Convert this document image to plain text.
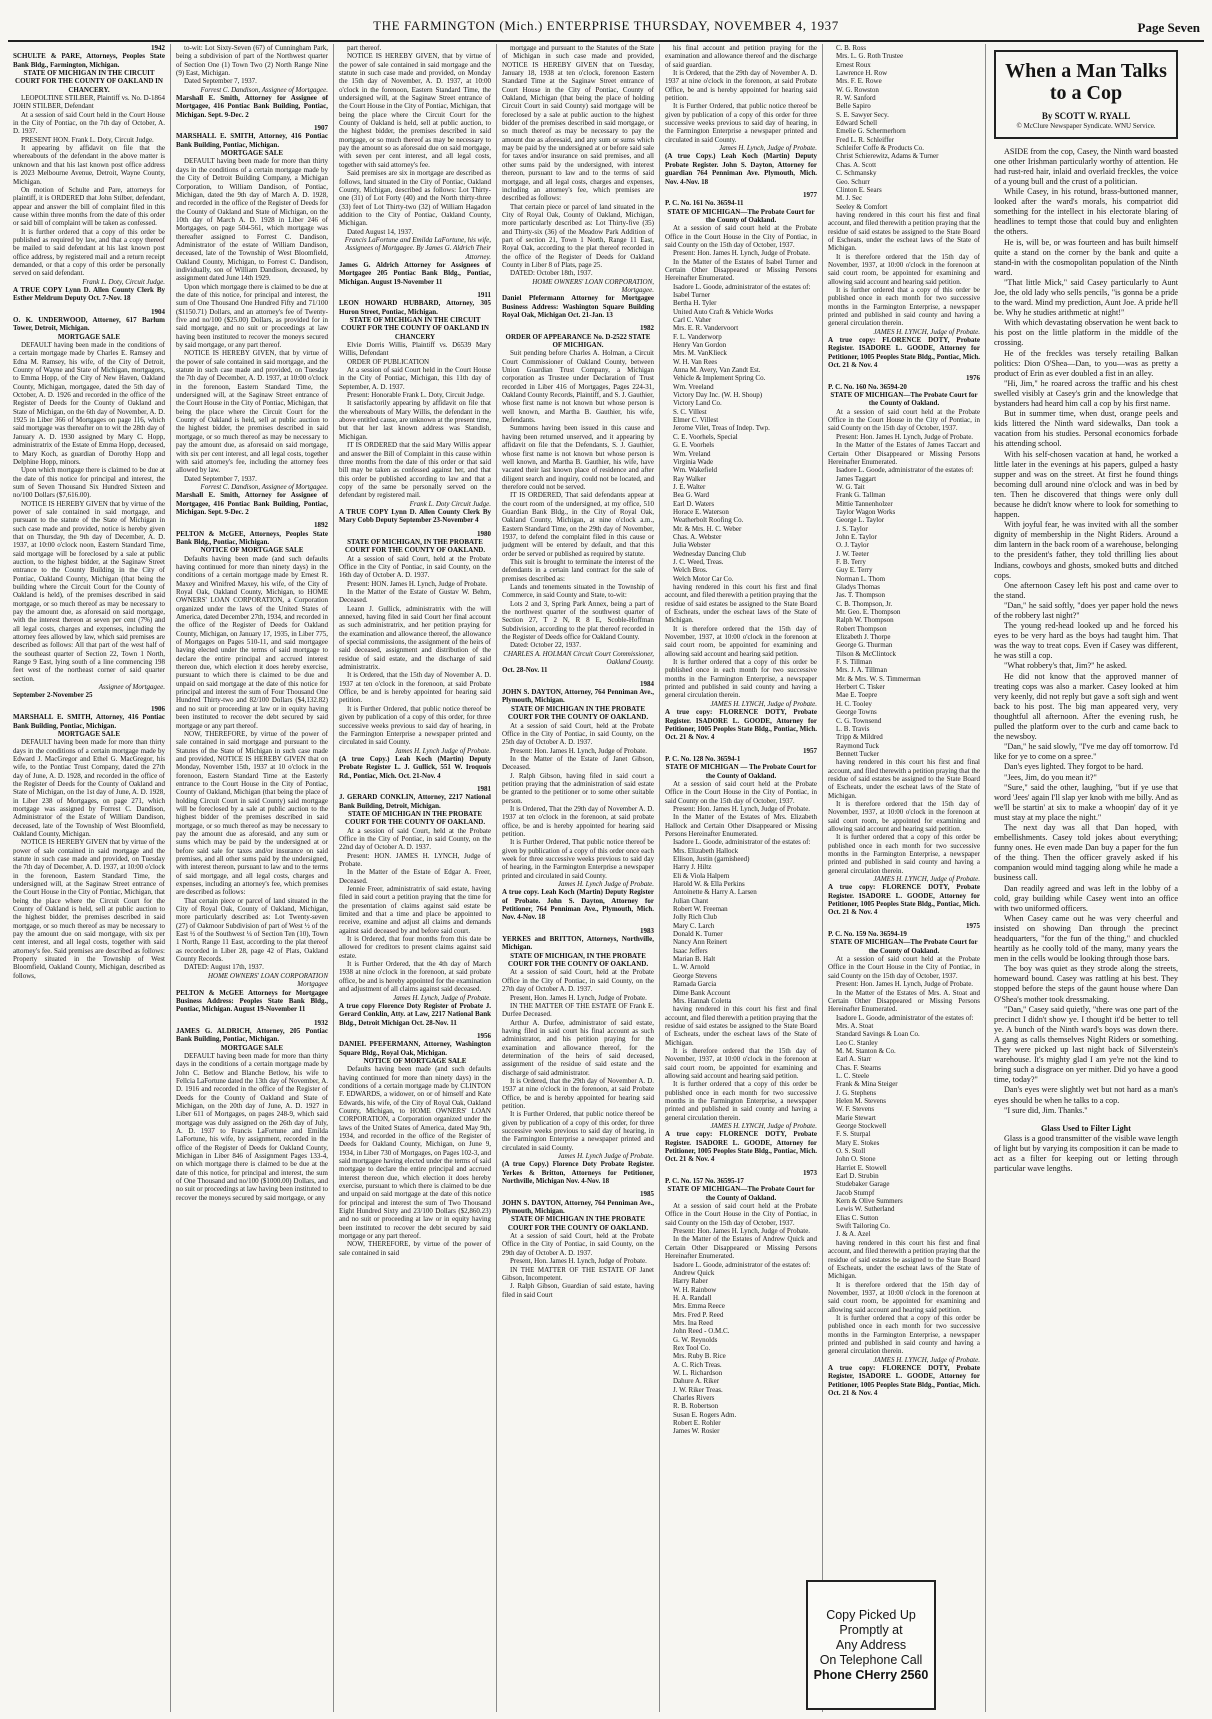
THE FARMINGTON (Mich.) ENTERPRISE THURSDAY, NOVEMBER 4, 1937	Page Seven
1942
SCHULTE & PARE, Attorneys, Peoples State Bank Bldg., Farmington, Michigan.
STATE OF MICHIGAN IN THE CIRCUIT COURT FOR THE COUNTY OF OAKLAND IN CHANCERY.

LEOPOLTINE STILBER, Plaintiff vs. No. D-1864 JOHN STILBER, Defendant

At a session of said Court held in the Court House in the City of Pontiac, on the 7th day of October, A. D. 1937.

PRESENT HON. Frank L. Doty, Circuit Judge.

It appearing by affidavit on file that the whereabouts of the defendant in the above matter is unknown and that his last known post office address is 2023 Melbourne Avenue, Detroit, Wayne County, Michigan.

On motion of Schulte and Pare, attorneys for plaintiff, it is ORDERED that John Stilber, defendant, appear and answer the bill of complaint filed in this cause within three months from the date of this order or said bill of complaint will be taken as confessed.

It is further ordered that a copy of this order be published as required by law, and that a copy thereof be mailed to said defendant at his last known post office address, by registered mail and a return receipt demanded, or that a copy of this order be personally served on said defendant.

Frank L. Doty, Circuit Judge.
A TRUE COPY Lynn D. Allen County Clerk By Esther Meldrum Deputy Oct. 7-Nov. 18
1904
O. K. UNDERWOOD, Attorney, 617 Barlum Tower, Detroit, Michigan.
MORTGAGE SALE

DEFAULT having been made in the conditions of a certain mortgage made by Charles E. Ramsey and Edna M. Ramsey, his wife, of the City of Detroit, County of Wayne and State of Michigan, mortgagors, to Emma Hopp, of the City of New Haven, Oakland County, Michigan, mortgagee, dated the 5th day of October, A. D. 1926 and recorded in the office of the Register of Deeds for the County of Oakland and State of Michigan, on the 6th day of November, A. D. 1925 in Liber 366 of Mortgages on page 116, which said mortgage was thereafter on to wit the 28th day of January A. D. 1930 assigned by Mary C. Hopp, administratrix of the Estate of Emma Hopp, deceased, to Mary Koch, as guardian of Dorothy Hopp and Delphine Hopp, minors.

Upon which mortgage there is claimed to be due at the date of this notice for principal and interest, the sum of Seven Thousand Six Hundred Sixteen and no/100 Dollars ($7,616.00).

NOTICE IS HEREBY GIVEN that by virtue of the power of sale contained in said mortgage, and pursuant to the statute of the State of Michigan in such case made and provided, notice is hereby given that on Thursday, the 9th day of December, A. D. 1937, at 10:00 o'clock noon, Eastern Standard Time, said mortgage will be foreclosed by a sale at public auction, to the highest bidder, at the Saginaw Street entrance to the County Building in the City of Pontiac, Oakland County, Michigan (that being the building where the Circuit Court for the County of Oakland is held), of the premises described in said mortgage, or so much thereof as may be necessary to pay the amount due, as aforesaid on said mortgage, with the interest thereon at seven per cent (7%) and all legal costs, charges and expenses, including the attorney fees allowed by law, which said premises are described as follows: All that part of the west half of the southeast quarter of Section 22, Town 1 North, Range 9 East, lying south of a line commencing 198 feet west of the northeast corner of said quarter section.

Assignee of Mortgagee.
September 2-November 25
1906
MARSHALL E. SMITH, Attorney, 416 Pontiac Bank Building, Pontiac, Michigan.
MORTGAGE SALE

DEFAULT having been made for more than thirty days in the conditions of a certain mortgage made by Edward J. MacGregor and Ethel G. MacGregor, his wife, to the Pontiac Trust Company, dated the 27th day of June, A. D. 1928, and recorded in the office of the Register of Deeds for the County of Oakland and State of Michigan, on the 1st day of June, A. D. 1928, in Liber 238 of Mortgages, on page 271, which mortgage was assigned by Forrest C. Dandison, Administrator of the Estate of William Dandison, deceased, late of the Township of West Bloomfield, Oakland County, Michigan.

NOTICE IS HEREBY GIVEN that by virtue of the power of sale contained in said mortgage and the statute in such case made and provided, on Tuesday the 7th day of December, A. D. 1937, at 10:00 o'clock in the forenoon, Eastern Standard Time, the undersigned will, at the Saginaw Street entrance of the Court House in the City of Pontiac, Michigan, that being the place where the Circuit Court for the County of Oakland is held, sell at public auction to the highest bidder, the premises described in said mortgage, or so much thereof as may be necessary to pay the amount due on said mortgage, with six per cent interest, and all legal costs, together with said attorney's fee. Said premises are described as follows: Property situated in the Township of West Bloomfield, Oakland County, Michigan, described as follows,

to-wit: Lot Sixty-Seven (67) of Cunningham Park, being a subdivision of part of the Northwest quarter of Section One (1) Town Two (2) North Range Nine (9) East, Michigan.

Dated September 7, 1937.

Forrest C. Dandison, Assignee of Mortgagee.
Marshall E. Smith, Attorney for Assignee of Mortgagee, 416 Pontiac Bank Building, Pontiac, Michigan. Sept. 9-Dec. 2
1907
MARSHALL E. SMITH, Attorney, 416 Pontiac Bank Building, Pontiac, Michigan.
MORTGAGE SALE

DEFAULT having been made for more than thirty days in the conditions of a certain mortgage made by the City of Detroit Building Company, a Michigan Corporation, to William Dandison, of Pontiac, Michigan, dated the 9th day of March A. D. 1928, and recorded in the office of the Register of Deeds for the County of Oakland and State of Michigan, on the 10th day of March A. D. 1928 in Liber 246 of Mortgages, on page 504-561, which mortgage was thereafter assigned to Forrest C. Dandison, Administrator of the estate of William Dandison, deceased, late of the Township of West Bloomfield, Oakland County, Michigan, to Forrest C. Dandison, individually, son of William Dandison, deceased, by assignment dated June 14th 1929.

Upon which mortgage there is claimed to be due at the date of this notice, for principal and interest, the sum of One Thousand One Hundred Fifty and 71/100 ($1150.71) Dollars, and an attorney's fee of Twenty-five and no/100 ($25.00) Dollars, as provided for in said mortgage, and no suit or proceedings at law having been instituted to recover the moneys secured by said mortgage, or any part thereof.

NOTICE IS HEREBY GIVEN, that by virtue of the power of sale contained in said mortgage, and the statute in such case made and provided, on Tuesday the 7th day of December, A. D. 1937, at 10:00 o'clock in the forenoon, Eastern Standard Time, the undersigned will, at the Saginaw Street entrance of the Court House in the City of Pontiac, Michigan, that being the place where the Circuit Court for the County of Oakland is held, sell at public auction to the highest bidder, the premises described in said mortgage, or so much thereof as may be necessary to pay the amount due, as aforesaid on said mortgage, with six per cent interest, and all legal costs, together with said attorney's fee, including the attorney fees allowed by law.

Dated September 7, 1937.

Forrest C. Dandison, Assignee of Mortgagee.
Marshall E. Smith, Attorney for Assignee of Mortgagee, 416 Pontiac Bank Building, Pontiac, Michigan. Sept. 9-Dec. 2
1892
PELTON & McGEE, Attorneys, Peoples State Bank Bldg., Pontiac, Michigan.
NOTICE OF MORTGAGE SALE

Defaults having been made (and such defaults having continued for more than ninety days) in the conditions of a certain mortgage made by Ernest R. Maxey and Winifred Maxey, his wife, of the City of Royal Oak, Oakland County, Michigan, to HOME OWNERS' LOAN CORPORATION, a Corporation organized under the laws of the United States of America, dated December 27th, 1934, and recorded in the office of the Register of Deeds for Oakland County, Michigan, on January 17, 1935, in Liber 775, of Mortgages on Pages 510-11, and said mortgagee having elected under the terms of said mortgage to declare the entire principal and accrued interest thereon due, which election it does hereby exercise, pursuant to which there is claimed to be due and unpaid on said mortgage at the date of this notice for principal and interest the sum of Four Thousand One Hundred Thirty-two and 82/100 Dollars ($4,132.82) and no suit or proceeding at law or in equity having been instituted to recover the debt secured by said mortgage or any part thereof.

NOW, THEREFORE, by virtue of the power of sale contained in said mortgage and pursuant to the Statutes of the State of Michigan in such case made and provided, NOTICE IS HEREBY GIVEN that on Monday, November 15th, 1937 at 10 o'clock in the forenoon, Eastern Standard Time at the Easterly entrance to the Court House in the City of Pontiac, County of Oakland, Michigan (that being the place of holding Circuit Court in said County) said mortgage will be foreclosed by a sale at public auction to the highest bidder of the premises described in said mortgage, or so much thereof as may be necessary to pay the amount due as aforesaid, and any sum or sums which may be paid by the undersigned at or before said sale for taxes and/or insurance on said premises, and all other sums paid by the undersigned, with interest thereon, pursuant to law and to the terms of said mortgage, and all legal costs, charges and expenses, including an attorney's fee, which premises are described as follows:

That certain piece or parcel of land situated in the City of Royal Oak, County of Oakland, Michigan, more particularly described as: Lot Twenty-seven (27) of Oakmoor Subdivision of part of West ½ of the East ½ of the Southwest ¼ of Section Ten (10), Town 1 North, Range 11 East, according to the plat thereof as recorded in Liber 28, page 42 of Plats, Oakland County Records.

DATED: August 17th, 1937.

HOME OWNERS' LOAN CORPORATION Mortgagee
PELTON & McGEE Attorneys for Mortgagee Business Address: Peoples State Bank Bldg., Pontiac, Michigan. August 19-November 11
1932
JAMES G. ALDRICH, Attorney, 205 Pontiac Bank Building, Pontiac, Michigan.
MORTGAGE SALE

DEFAULT having been made for more than thirty days in the conditions of a certain mortgage made by John C. Betlow and Blanche Betlow, his wife to Fellcia LaFortune dated the 13th day of November, A. D. 1916 and recorded in the office of the Register of Deeds for the County of Oakland and State of Michigan, on the 20th day of June, A. D. 1927 in Liber 611 of Mortgages, on pages 248-9, which said mortgage was duly assigned on the 26th day of July, A. D. 1937 to Francis LaFortune and Emilda LaFortune, his wife, by assignment, recorded in the office of the Register of Deeds for Oakland County, Michigan in Liber 846 of Assignment Pages 133-4, on which mortgage there is claimed to be due at the date of this notice, for principal and interest, the sum of One Thousand and no/100 ($1000.00) Dollars, and no suit or proceedings at law having been instituted to recover the moneys secured by said mortgage, or any

part thereof.

NOTICE IS HEREBY GIVEN, that by virtue of the power of sale contained in said mortgage and the statute in such case made and provided, on Monday the 15th day of November, A. D. 1937, at 10:00 o'clock in the forenoon, Eastern Standard Time, the undersigned will, at the Saginaw Street entrance of the Court House in the City of Pontiac, Michigan, that being the place where the Circuit Court for the County of Oakland is held, sell at public auction, to the highest bidder, the premises described in said mortgage, or so much thereof as may be necessary to pay the amount so as aforesaid due on said mortgage, with seven per cent interest, and all legal costs, together with said attorney's fee.

Said premises are six in mortgage are described as follows, land situated in the City of Pontiac, Oakland County, Michigan, described as follows: Lot Thirty-one (31) of Lot Forty (40) and the North thirty-three (33) feet of Lot Thirty-two (32) of William Hagadon addition to the City of Pontiac, Oakland County, Michigan.

Dated August 14, 1937.

Francis LaFortune and Emilda LaFortune, his wife, Assignees of Mortgagee. By James G. Aldrich Their Attorney.
James G. Aldrich Attorney for Assignees of Mortgagee 205 Pontiac Bank Bldg., Pontiac, Michigan. August 19-November 11
1911
LEON HOWARD HUBBARD, Attorney, 305 Huron Street, Pontiac, Michigan.
STATE OF MICHIGAN IN THE CIRCUIT COURT FOR THE COUNTY OF OAKLAND IN CHANCERY

Elvie Dorris Willis, Plaintiff vs. D6539 Mary Willis, Defendant

ORDER OF PUBLICATION

At a session of said Court held in the Court House in the City of Pontiac, Michigan, this 11th day of September, A. D. 1937.

Present: Honorable Frank L. Doty, Circuit Judge.

It satisfactorily appearing by affidavit on file that the whereabouts of Mary Willis, the defendant in the above entitled cause, are unknown at the present time, but that her last known address was Standish, Michigan.

IT IS ORDERED that the said Mary Willis appear and answer the Bill of Complaint in this cause within three months from the date of this order or that said bill may be taken as confessed against her, and that this order be published according to law and that a copy of the same be personally served on the defendant by registered mail.

Frank L. Doty Circuit Judge.
A TRUE COPY Lynn D. Allen County Clerk By Mary Cobb Deputy September 23-November 4
1980
STATE OF MICHIGAN, IN THE PROBATE COURT FOR THE COUNTY OF OAKLAND.

At a session of said Court, held at the Probate Office in the City of Pontiac, in said County, on the 16th day of October A. D. 1937.

Present: HON. James H. Lynch, Judge of Probate.

In the Matter of the Estate of Gustav W. Behm, Deceased.

Leann J. Gullick, administratrix with the will annexed, having filed in said Court her final account as such administratrix, and her petition praying for the examination and allowance thereof, the allowance of special commissions, the assignment of the heirs of said deceased, assignment and distribution of the residue of said estate, and the discharge of said administratrix.

It is Ordered, that the 15th day of November A. D. 1937 at ten o'clock in the forenoon, at said Probate Office, be and is hereby appointed for hearing said petition.

It is Further Ordered, that public notice thereof be given by publication of a copy of this order, for three successive weeks previous to said day of hearing, in the Farmington Enterprise a newspaper printed and circulated in said County.

James H. Lynch Judge of Probate.
(A true Copy.) Leah Koch (Martin) Deputy Probate Register L. J. Gullick, 551 W. Iroquois Rd., Pontiac, Mich. Oct. 21-Nov. 4
1981
J. GERARD CONKLIN, Attorney, 2217 National Bank Building, Detroit, Michigan.
STATE OF MICHIGAN IN THE PROBATE COURT FOR THE COUNTY OF OAKLAND.

At a session of said Court, held at the Probate Office in the City of Pontiac, in said County, on the 22nd day of October A. D. 1937.

Present: HON. JAMES H. LYNCH, Judge of Probate.

In the Matter of the Estate of Edgar A. Freer, Deceased.

Jennie Freer, administratrix of said estate, having filed in said court a petition praying that the time for the presentation of claims against said estate be limited and that a time and place be appointed to receive, examine and adjust all claims and demands against said deceased by and before said court.

It is Ordered, that four months from this date be allowed for creditors to present claims against said estate.

It is Further Ordered, that the 4th day of March 1938 at nine o'clock in the forenoon, at said probate office, be and is hereby appointed for the examination and adjustment of all claims against said deceased.

James H. Lynch, Judge of Probate.
A true copy Florence Doty Register of Probate J. Gerard Conklin, Atty. at Law, 2217 National Bank Bldg., Detroit Michigan Oct. 28-Nov. 11
1956
DANIEL PFEFERMANN, Attorney, Washington Square Bldg., Royal Oak, Michigan.
NOTICE OF MORTGAGE SALE

Defaults having been made (and such defaults having continued for more than ninety days) in the conditions of a certain mortgage made by CLINTON F. EDWARDS, a widower, on or of himself and Kate Edwards, his wife, of the City of Royal Oak, Oakland County, Michigan, to HOME OWNERS' LOAN CORPORATION, a Corporation organized under the laws of the United States of America, dated May 9th, 1934, and recorded in the office of the Register of Deeds for Oakland County, Michigan, on June 9, 1934, in Liber 730 of Mortgages, on Pages 102-3, and said mortgagee having elected under the terms of said mortgage to declare the entire principal and accrued interest thereon due, which election it does hereby exercise, pursuant to which there is claimed to be due and unpaid on said mortgage at the date of this notice for principal and interest the sum of Two Thousand Eight Hundred Sixty and 23/100 Dollars ($2,860.23) and no suit or proceeding at law or in equity having been instituted to recover the debt secured by said mortgage or any part thereof.

NOW, THEREFORE, by virtue of the power of sale contained in said

mortgage and pursuant to the Statutes of the State of Michigan in such case made and provided, NOTICE IS HEREBY GIVEN that on Tuesday, January 18, 1938 at ten o'clock, forenoon Eastern Standard Time at the Saginaw Street entrance of Court House in the City of Pontiac, County of Oakland, Michigan (that being the place of holding Circuit Court in said County) said mortgage will be foreclosed by a sale at public auction to the highest bidder of the premises described in said mortgage, or so much thereof as may be necessary to pay the amount due as aforesaid, and any sum or sums which may be paid by the undersigned at or before said sale for taxes and/or insurance on said premises, and all other sums paid by the undersigned, with interest thereon, pursuant to law and to the terms of said mortgage, and all legal costs, charges and expenses, including an attorney's fee, which premises are described as follows:

That certain piece or parcel of land situated in the City of Royal Oak, County of Oakland, Michigan, more particularly described as: Lot Thirty-five (35) and Thirty-six (36) of the Meadow Park Addition of part of section 21, Town 1 North, Range 11 East, Royal Oak, according to the plat thereof recorded in the office of the Register of Deeds for Oakland County in Liber 8 of Plats, page 25.

DATED: October 18th, 1937.

HOME OWNERS' LOAN CORPORATION, Mortgagee.
Daniel Pfefermann Attorney for Mortgagee Business Address: Washington Square Building Royal Oak, Michigan Oct. 21-Jan. 13
1982
ORDER OF APPEARANCE No. D-2522 STATE OF MICHIGAN.

Suit pending before Charles A. Holman, a Circuit Court Commissioner of Oakland County, between Union Guardian Trust Company, a Michigan corporation as Trustee under Declaration of Trust recorded in Liber 416 of Mortgages, Pages 224-31, Oakland County Records, Plaintiff, and S. J. Gauthier, whose first name is not known but whose person is well known, and Martha B. Gauthier, his wife, Defendants.

Summons having been issued in this cause and having been returned unserved, and it appearing by affidavit on file that the Defendants, S. J. Gauthier, whose first name is not known but whose person is well known, and Martha B. Gauthier, his wife, have vacated their last known place of residence and after diligent search and inquiry, could not be located, and therefore could not be served.

IT IS ORDERED, That said defendants appear at the court room of the undersigned, at my office, 510 Guardian Bank Bldg., in the City of Royal Oak, Oakland County, Michigan, at nine o'clock a.m., Eastern Standard Time, on the 29th day of November, 1937, to defend the complaint filed in this cause or judgment will be entered by default, and that this order be served or published as required by statute.

This suit is brought to terminate the interest of the defendants in a certain land contract for the sale of premises described as:

Lands and tenements situated in the Township of Commerce, in said County and State, to-wit:

Lots 2 and 3, Spring Park Annex, being a part of the northwest quarter of the southwest quarter of Section 27, T 2 N, R 8 E, Scoble-Hoffman Subdivision, according to the plat thereof recorded in the Register of Deeds office for Oakland County.

Dated: October 22, 1937.

CHARLES A. HOLMAN Circuit Court Commissioner, Oakland County.
Oct. 28-Nov. 11
1984
JOHN S. DAYTON, Attorney, 764 Penniman Ave., Plymouth, Michigan.
STATE OF MICHIGAN IN THE PROBATE COURT FOR THE COUNTY OF OAKLAND.

At a session of said Court, held at the Probate Office in the City of Pontiac, in said County, on the 25th day of October A. D. 1937.

Present: Hon. James H. Lynch, Judge of Probate.

In the Matter of the Estate of Janet Gibson, Deceased.

J. Ralph Gibson, having filed in said court a petition praying that the administration of said estate be granted to the petitioner or to some other suitable person.

It is Ordered, That the 29th day of November A. D. 1937 at ten o'clock in the forenoon, at said probate office, be and is hereby appointed for hearing said petition.

It is Further Ordered, That public notice thereof be given by publication of a copy of this order once each week for three successive weeks previous to said day of hearing, in the Farmington Enterprise a newspaper printed and circulated in said County.

James H. Lynch Judge of Probate.
A true copy. Leah Koch (Martin) Deputy Register of Probate. John S. Dayton, Attorney for Petitioner, 764 Penniman Ave., Plymouth, Mich. Nov. 4-Nov. 18
1983
YERKES and BRITTON, Attorneys, Northville, Michigan.
STATE OF MICHIGAN, IN THE PROBATE COURT FOR THE COUNTY OF OAKLAND.

At a session of said Court, held at the Probate Office in the City of Pontiac, in said County, on the 27th day of October A. D. 1937.

Present, Hon. James H. Lynch, Judge of Probate.

IN THE MATTER OF THE ESTATE OF Frank E. Durfee Deceased.

Arthur A. Durfee, administrator of said estate, having filed in said court his final account as such administrator, and his petition praying for the examination and allowance thereof, for the determination of the heirs of said deceased, assignment of the residue of said estate and the discharge of said administrator.

It is Ordered, that the 29th day of November A. D. 1937 at nine o'clock in the forenoon, at said Probate Office, be and is hereby appointed for hearing said petition.

It is Further Ordered, that public notice thereof be given by publication of a copy of this order, for three successive weeks previous to said day of hearing, in the Farmington Enterprise a newspaper printed and circulated in said County.

James H. Lynch Judge of Probate.
(A true Copy.) Florence Doty Probate Register. Yerkes & Britton, Attorneys for Petitioner, Northville, Michigan Nov. 4-Nov. 18
1985
JOHN S. DAYTON, Attorney, 764 Penniman Ave., Plymouth, Michigan.
STATE OF MICHIGAN IN THE PROBATE COURT FOR THE COUNTY OF OAKLAND.

At a session of said Court, held at the Probate Office in the City of Pontiac, in said County, on the 29th day of October A. D. 1937.

Present, Hon. James H. Lynch, Judge of Probate.

IN THE MATTER OF THE ESTATE OF Janet Gibson, Incompetent.

J. Ralph Gibson, Guardian of said estate, having filed in said Court

his final account and petition praying for the examination and allowance thereof and the discharge of said guardian.

It is Ordered, that the 29th day of November A. D. 1937 at nine o'clock in the forenoon, at said Probate Office, be and is hereby appointed for hearing said petition.

It is Further Ordered, that public notice thereof be given by publication of a copy of this order for three successive weeks previous to said day of hearing, in the Farmington Enterprise a newspaper printed and circulated in said County.

James H. Lynch, Judge of Probate.
(A true Copy.) Leah Koch (Martin) Deputy Probate Register. John S. Dayton, Attorney for guardian 764 Penniman Ave. Plymouth, Mich. Nov. 4-Nov. 18
1977
P. C. No. 161 No. 36594-11
STATE OF MICHIGAN—The Probate Court for the County of Oakland.

At a session of said court held at the Probate Office in the Court House in the City of Pontiac, in said County on the 15th day of October, 1937.

Present: Hon. James H. Lynch, Judge of Probate.

In the Matter of the Estates of Isabel Turner and Certain Other Disappeared or Missing Persons Hereinafter Enumerated.

Isadore L. Goode, administrator of the estates of:

Isabel Turner

Bertha H. Tyler

United Auto Craft & Vehicle Works

Carl C. Vaher

Mrs. E. R. Vandervoort

F. L. Vanderworp

Henry Van Gordon

Mrs. M. VanKlieck

W. H. Van Rees

Anna M. Avery, Van Zandt Est.

Vehicle & Implement Spring Co.

Wm. Vreeland

Victory Day Inc. (W. H. Shoup)

Victory Land Co.

S. C. Villest

Elmer C. Villest

Jerome Vilet, Treas of Indep. Twp.

C. E. Voorhels, Special

G. E. Voorhels

Wm. Vreland

Virginia Wade

Wm. Wakefield

Ray Walker

J. E. Walter

Bea G. Ward

Earl D. Waters

Horace E. Waterson

Weatherbolt Roofing Co.

Mr. & Mrs. H. C. Weber

Chas. A. Webster

Julia Webster

Wednesday Dancing Club

J. C. Weed, Treas.

Welch Bros.

Welch Motor Car Co.

having rendered in this court his first and final account, and filed therewith a petition praying that the residue of said estates be assigned to the State Board of Escheats, under the escheat laws of the State of Michigan.

It is therefore ordered that the 15th day of November, 1937, at 10:00 o'clock in the forenoon at said court room, be appointed for examining and allowing said account and hearing said petition.

It is further ordered that a copy of this order be published once in each month for two successive months in the Farmington Enterprise, a newspaper printed and published in said county and having a general circulation therein.

JAMES H. LYNCH, Judge of Probate.
A true copy: FLORENCE DOTY, Probate Register. ISADORE L. GOODE, Attorney for Petitioner, 1005 Peoples State Bldg., Pontiac, Mich. Oct. 21 & Nov. 4
1957
P. C. No. 128 No. 36594-1
STATE OF MICHIGAN — The Probate Court for the County of Oakland.

At a session of said court held at the Probate Office in the Court House in the City of Pontiac, in said County on the 15th day of October, 1937.

Present: Hon. James H. Lynch, Judge of Probate.

In the Matter of the Estates of Mrs. Elizabeth Hallock and Certain Other Disappeared or Missing Persons Hereinafter Enumerated.

Isadore L. Goode, administrator of the estates of:

Mrs. Elizabeth Hallock

Ellison, Justin (garnisheed)

Harry J. Hiltz

Eli & Viola Halpern

Harold W. & Ella Perkins

Antoinette & Harry A. Larsen

Julian Chant

Robert W. Freeman

Jolly Rich Club

Mary C. Larch

Donald K. Turner

Nancy Ann Reinert

Isaac Jeffers

Marian B. Halt

L. W. Arnold

George Stevens

Ramada Garcia

Dime Bank Account

Mrs. Hannah Coletta

having rendered in this court his first and final account, and filed therewith a petition praying that the residue of said estates be assigned to the State Board of Escheats, under the escheat laws of the State of Michigan.

It is therefore ordered that the 15th day of November, 1937, at 10:00 o'clock in the forenoon at said court room, be appointed for examining and allowing said account and hearing said petition.

It is further ordered that a copy of this order be published once in each month for two successive months in the Farmington Enterprise, a newspaper printed and published in said county and having a general circulation therein.

JAMES H. LYNCH, Judge of Probate.
A true copy: FLORENCE DOTY, Probate Register. ISADORE L. GOODE, Attorney for Petitioner, 1005 Peoples State Bldg., Pontiac, Mich. Oct. 21 & Nov. 4
1973
P. C. No. 157 No. 36595-17
STATE OF MICHIGAN—The Probate Court for the County of Oakland.

At a session of said court held at the Probate Office in the Court House in the City of Pontiac, in said County on the 15th day of October, 1937.

Present: Hon. James H. Lynch, Judge of Probate.

In the Matter of the Estates of Andrew Quick and Certain Other Disappeared or Missing Persons Hereinafter Enumerated.

Isadore L. Goode, administrator of the estates of:

Andrew Quick

Harry Raber

W. H. Rainbow

H. A. Randall

Mrs. Emma Reece

Mrs. Fred P. Reed

Mrs. Ina Reed

John Reed - O.M.C.

G. W. Reynolds

Rex Tool Co.

Mrs. Ruby B. Rice

A. C. Rich Treas.

W. L. Richardson

Dahure A. Riker

J. W. Riker Treas.

Charles Rivers

R. B. Robertson

Susan E. Rogers Adm.

Robert E. Rohler

James W. Rosier

C. B. Ross

Mrs. L. G. Roth Trustee

Ernest Roux

Lawrence H. Row

Mrs. F. E. Rowe

W. G. Rowston

R. W. Sanford

Belle Sapiro

S. E. Sawyer Secy.

Edward Schell

Emelie G. Schermerhorn

Fred L. R. Schleiffer

Schleifer Coffe & Products Co.

Christ Schierewitz, Adams & Turner

Chas. A. Scott

C. Schmansky

Geo. Schurr

Clinton E. Sears

M. J. Sec

Seeley & Comfort

having rendered in this court his first and final account, and filed therewith a petition praying that the residue of said estates be assigned to the State Board of Escheats, under the escheat laws of the State of Michigan.

It is therefore ordered that the 15th day of November, 1937, at 10:00 o'clock in the forenoon at said court room, be appointed for examining and allowing said account and hearing said petition.

It is further ordered that a copy of this order be published once in each month for two successive months in the Farmington Enterprise, a newspaper printed and published in said county and having a general circulation therein.

JAMES H. LYNCH, Judge of Probate.
A true copy: FLORENCE DOTY, Probate Register. ISADORE L. GOODE, Attorney for Petitioner, 1005 Peoples State Bldg., Pontiac, Mich. Oct. 21 & Nov. 4
1976
P. C. No. 160 No. 36594-20
STATE OF MICHIGAN—The Probate Court for the County of Oakland.

At a session of said court held at the Probate Office in the Court House in the City of Pontiac, in said County on the 15th day of October, 1937.

Present: Hon. James H. Lynch, Judge of Probate.

In the Matter of the Estates of James Taccart and Certain Other Disappeared or Missing Persons Hereinafter Enumerated.

Isadore L. Goode, administrator of the estates of:

James Taggart

W. G. Tait

Frank G. Tallman

Mittie Tannenholzer

Taylor Wagon Works

George L. Taylor

J. S. Taylor

John E. Taylor

O. J. Taylor

J. W. Teeter

F. B. Terry

Guy E. Terry

Norman L. Thom

Gladys Thomas

Jas. T. Thompson

C. B. Thompson, Jr.

Mr. Geo. E. Thompson

Ralph W. Thompson

Robert Thompson

Elizabeth J. Thorpe

George G. Thurman

Tilson & McClintock

F. S. Tillman

Mrs. J. A. Tillman

Mr. & Mrs. W. S. Timmerman

Herbert C. Tisker

Mae E. Toepre

H. C. Tooley

George Towns

C. G. Townsend

L. B. Travis

Tripp & Mildred

Raymond Tuck

Bennett Tucker

having rendered in this court his first and final account, and filed therewith a petition praying that the residue of said estates be assigned to the State Board of Escheats, under the escheat laws of the State of Michigan.

It is therefore ordered that the 15th day of November, 1937, at 10:00 o'clock in the forenoon at said court room, be appointed for examining and allowing said account and hearing said petition.

It is further ordered that a copy of this order be published once in each month for two successive months in the Farmington Enterprise, a newspaper printed and published in said county and having a general circulation therein.

JAMES H. LYNCH, Judge of Probate.
A true copy: FLORENCE DOTY, Probate Register. ISADORE L. GOODE, Attorney for Petitioner, 1005 Peoples State Bldg., Pontiac, Mich. Oct. 21 & Nov. 4
1975
P. C. No. 159 No. 36594-19
STATE OF MICHIGAN—The Probate Court for the County of Oakland.

At a session of said court held at the Probate Office in the Court House in the City of Pontiac, in said County on the 15th day of October, 1937.

Present: Hon. James H. Lynch, Judge of Probate.

In the Matter of the Estates of Mrs. A. Stoat and Certain Other Disappeared or Missing Persons Hereinafter Enumerated.

Isadore L. Goode, administrator of the estates of:

Mrs. A. Stoat

Standard Savings & Loan Co.

Leo C. Stanley

M. M. Stanton & Co.

Earl A. Starr

Chas. F. Stearns

L. C. Steele

Frank & Mina Steiger

J. G. Stephens

Helen M. Stevens

W. F. Stevens

Marie Stewart

George Stockwell

F. S. Sturpal

Mary E. Stokes

O. S. Stoll

John O. Stone

Harriet E. Stowell

Earl D. Strubin

Studebaker Garage

Jacob Stumpf

Kern & Olive Summers

Lewis W. Sutherland

Elias C. Sutton

Swift Tailoring Co.

J. & A. Azel

having rendered in this court his first and final account, and filed therewith a petition praying that the residue of said estates be assigned to the State Board of Escheats, under the escheat laws of the State of Michigan.

It is therefore ordered that the 15th day of November, 1937, at 10:00 o'clock in the forenoon at said court room, be appointed for examining and allowing said account and hearing said petition.

It is further ordered that a copy of this order be published once in each month for two successive months in the Farmington Enterprise, a newspaper printed and published in said county and having a general circulation therein.

JAMES H. LYNCH, Judge of Probate.
A true copy: FLORENCE DOTY, Probate Register, ISADORE L. GOODE, Attorney for Petitioner, 1005 Peoples State Bldg., Pontiac, Mich. Oct. 21 & Nov. 4
When a Man Talks to a Cop
By SCOTT W. RYALL
© McClure Newspaper Syndicate. WNU Service.

ASIDE from the cop, Casey, the Ninth ward boasted one other Irishman particularly worthy of attention. He had rust-red hair, inlaid and overlaid freckles, the voice of a young bull and the crust of a politician.

While Casey, in his rotund, brass-buttoned manner, looked after the ward's morals, his compatriot did something for the intellect in his electorate blaring of headlines to tempt those that could buy and enlighten the others.

He is, will be, or was fourteen and has built himself quite a stand on the corner by the bank and quite a stand-in with the cosmopolitan population of the Ninth ward.

"That little Mick," said Casey particularly to Aunt Joe, the old lady who sells pencils, "is gonna be a pride to the ward. Mind my prediction, Aunt Joe. A pride he'll be. Why he studies arithmetic at night!"

With which devastating observation he went back to his post on the little platform in the middle of the crossing.

He of the freckles was tersely retailing Balkan politics: Dion O'Shea—Dan, to you—was as pretty a product of Erin as ever doubled a fist in an alley.

"Hi, Jim," he roared across the traffic and his chest swelled visibly at Casey's grin and the knowledge that bystanders had heard him call a cop by his first name.

But in summer time, when dust, orange peels and kids littered the Ninth ward sidewalks, Dan took a vacation from his studies. Personal economics forbade his attending school.

With his self-chosen vacation at hand, he worked a little later in the evenings at his papers, gulped a hasty supper and was on the street. At first he found things becoming dull around nine o'clock and was in bed by ten. Then he discovered that things were only dull because he didn't know where to look for something to happen.

With joyful fear, he was invited with all the somber dignity of membership in the Night Riders. Around a dim lantern in the back room of a warehouse, belonging to the president's father, they told thrilling lies about Indians, cowboys and ghosts, smoked butts and ditched cops.

One afternoon Casey left his post and came over to the stand.

"Dan," he said softly, "does yer paper hold the news of the robbery last night?"

The young red-head looked up and he forced his eyes to be very hard as the boys had taught him. That was the way to treat cops. Even if Casey was different, he was still a cop.

"What robbery's that, Jim?" he asked.

He did not know that the approved manner of treating cops was also a marker. Casey looked at him very keenly, did not reply but gave a soft sigh and went back to his post. The big man appeared very, very thoughtful all afternoon. After the evening rush, he pulled the platform over to the curb and came back to the newsboy.

"Dan," he said slowly, "I've me day off tomorrow. I'd like for ye to come on a spree."

Dan's eyes lighted. They forgot to be hard.

"Jees, Jim, do you mean it?"

"Sure," said the other, laughing, "but if ye use that word 'Jees' again I'll slap yer knob with me billy. And as we'll be startin' at six to make a whoopin' day of it ye must stay at my place the night."

The next day was all that Dan hoped, with embellishments. Casey told jokes about everything; funny ones. He even made Dan buy a paper for the fun of the thing. Then the officer gravely asked if his companion would mind tagging along while he made a business call.

Dan readily agreed and was left in the lobby of a cold, gray building while Casey went into an office with two uniformed officers.

When Casey came out he was very cheerful and insisted on showing Dan through the precinct headquarters, "for the fun of the thing," and chuckled heartily as he coolly told of the many, many years the men in the cells would be looking through those bars.

The boy was quiet as they strode along the streets, homeward bound. Casey was rattling at his best. They stopped before the steps of the gaunt house where Dan O'Shea's mother took dressmaking.

"Dan," Casey said quietly, "there was one part of the precinct I didn't show ye. I thought it'd be better to tell ye. A bunch of the Ninth ward's boys was down there. A gang as calls themselves Night Riders or something. They were picked up last night back of Silverstein's warehouse. It's mighty glad I am ye're not the kind to bring such a disgrace on yer mither. Did yo have a good time, today?"

Dan's eyes were slightly wet but not hard as a man's eyes should be when he talks to a cop.

"I sure did, Jim. Thanks."

Glass Used to Filter Light

Glass is a good transmitter of the visible wave length of light but by varying its composition it can be made to act as a filter for keeping out or letting through particular wave lengths.

Copy Picked Up
Promptly at
Any Address
On Telephone Call
Phone CHerry 2560
